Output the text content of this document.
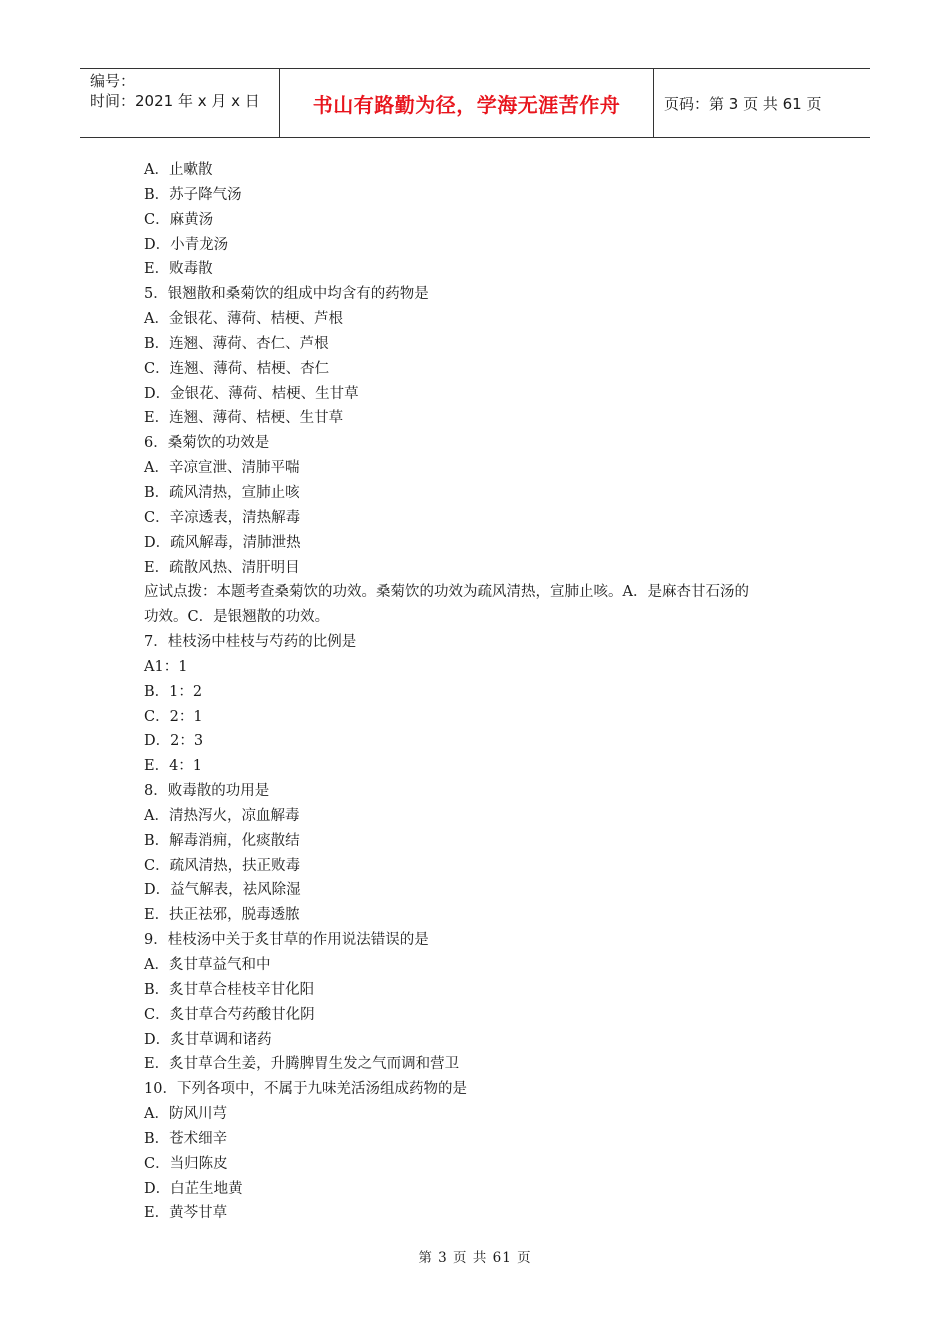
编号：
时间：2021 年 x 月 x 日	书山有路勤为径，学海无涯苦作舟	页码：第 3 页 共 61 页
A．止嗽散
B．苏子降气汤
C．麻黄汤
D．小青龙汤
E．败毒散
5．银翘散和桑菊饮的组成中均含有的药物是
A．金银花、薄荷、桔梗、芦根
B．连翘、薄荷、杏仁、芦根
C．连翘、薄荷、桔梗、杏仁
D．金银花、薄荷、桔梗、生甘草
E．连翘、薄荷、桔梗、生甘草
6．桑菊饮的功效是
A．辛凉宣泄、清肺平喘
B．疏风清热，宣肺止咳
C．辛凉透表，清热解毒
D．疏风解毒，清肺泄热
E．疏散风热、清肝明目
应试点拨：本题考查桑菊饮的功效。桑菊饮的功效为疏风清热，宣肺止咳。A．是麻杏甘石汤的
功效。C．是银翘散的功效。
7．桂枝汤中桂枝与芍药的比例是
A1：1
B．1：2
C．2：1
D．2：3
E．4：1
8．败毒散的功用是
A．清热泻火，凉血解毒
B．解毒消痈，化痰散结
C．疏风清热，扶正败毒
D．益气解表，祛风除湿
E．扶正祛邪，脱毒透脓
9．桂枝汤中关于炙甘草的作用说法错误的是
A．炙甘草益气和中
B．炙甘草合桂枝辛甘化阳
C．炙甘草合芍药酸甘化阴
D．炙甘草调和诸药
E．炙甘草合生姜，升腾脾胃生发之气而调和营卫
10．下列各项中，不属于九味羌活汤组成药物的是
A．防风川芎
B．苍术细辛
C．当归陈皮
D．白芷生地黄
E．黄芩甘草
第 3 页 共 61 页
